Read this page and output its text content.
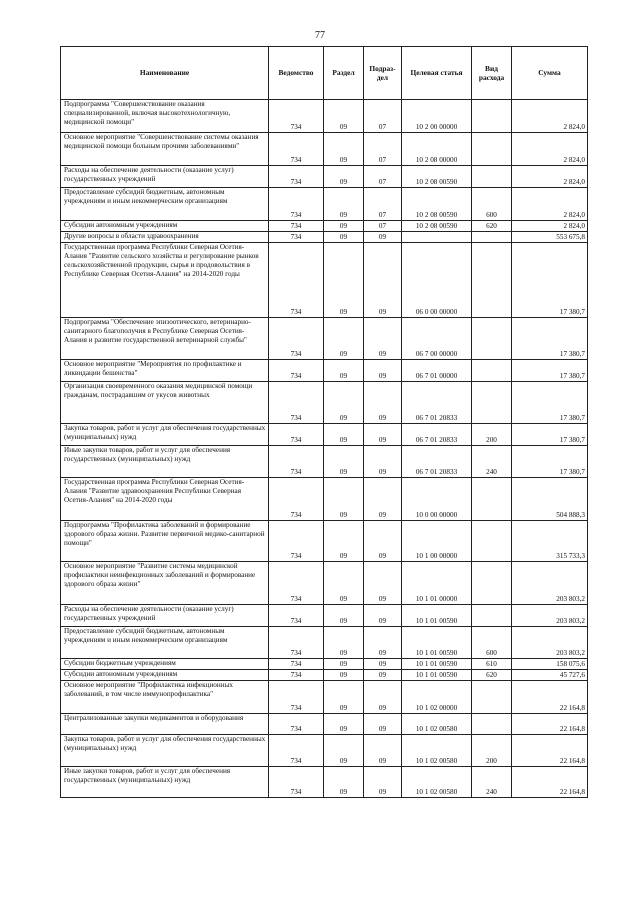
77
Наименование	Ведомство	Раздел	Подраз-дел	Целевая статья	Вид расхода	Сумма
Подпрограмма "Совершенствование оказания специализированной, включая высокотехнологичную, медицинской помощи"	734	09	07	10 2 00 00000		2 824,0
Основное мероприятие "Совершенствование системы оказания медицинской помощи больным прочими заболеваниями"	734	09	07	10 2 08 00000		2 824,0
Расходы на обеспечение деятельности (оказание услуг) государственных учреждений	734	09	07	10 2 08 00590		2 824,0
Предоставление субсидий бюджетным, автономным учреждениям и иным некоммерческим организациям	734	09	07	10 2 08 00590	600	2 824,0
Субсидии автономным учреждениям	734	09	07	10 2 08 00590	620	2 824,0
Другие вопросы в области здравоохранения	734	09	09			553 675,8
Государственная программа Республики Северная Осетия-Алания "Развитие сельского хозяйства и регулирование рынков сельскохозяйственной продукции, сырья и продовольствия в Республике Северная Осетия-Алания" на 2014-2020 годы	734	09	09	06 0 00 00000		17 380,7
Подпрограмма "Обеспечение эпизоотического, ветеринарно-санитарного благополучия в Республике Северная Осетия-Алания и развитие государственной ветеринарной службы"	734	09	09	06 7 00 00000		17 380,7
Основное мероприятие "Мероприятия по профилактике и ликвидации бешенства"	734	09	09	06 7 01 00000		17 380,7
Организация своевременного оказания медицинской помощи гражданам, пострадавшим от укусов животных	734	09	09	06 7 01 20833		17 380,7
Закупка товаров, работ и услуг для обеспечения государственных (муниципальных) нужд	734	09	09	06 7 01 20833	200	17 380,7
Иные закупки товаров, работ и услуг для обеспечения государственных (муниципальных) нужд	734	09	09	06 7 01 20833	240	17 380,7
Государственная программа Республики Северная Осетия-Алания "Развитие здравоохранения Республики Северная Осетия-Алания" на 2014-2020 годы	734	09	09	10 0 00 00000		504 888,3
Подпрограмма "Профилактика заболеваний и формирование здорового образа жизни. Развитие первичной медико-санитарной помощи"	734	09	09	10 1 00 00000		315 733,3
Основное мероприятие "Развитие системы медицинской профилактики неинфекционных заболеваний и формирование здорового образа жизни"	734	09	09	10 1 01 00000		203 803,2
Расходы на обеспечение деятельности (оказание услуг) государственных учреждений	734	09	09	10 1 01 00590		203 803,2
Предоставление субсидий бюджетным, автономным учреждениям и иным некоммерческим организациям	734	09	09	10 1 01 00590	600	203 803,2
Субсидии бюджетным учреждениям	734	09	09	10 1 01 00590	610	158 075,6
Субсидии автономным учреждениям	734	09	09	10 1 01 00590	620	45 727,6
Основное мероприятие "Профилактика инфекционных заболеваний, в том числе иммунопрофилактика"	734	09	09	10 1 02 00000		22 164,8
Централизованные закупки медикаментов и оборудования	734	09	09	10 1 02 00580		22 164,8
Закупка товаров, работ и услуг для обеспечения государственных (муниципальных) нужд	734	09	09	10 1 02 00580	200	22 164,8
Иные закупки товаров, работ и услуг для обеспечения государственных (муниципальных) нужд	734	09	09	10 1 02 00580	240	22 164,8
